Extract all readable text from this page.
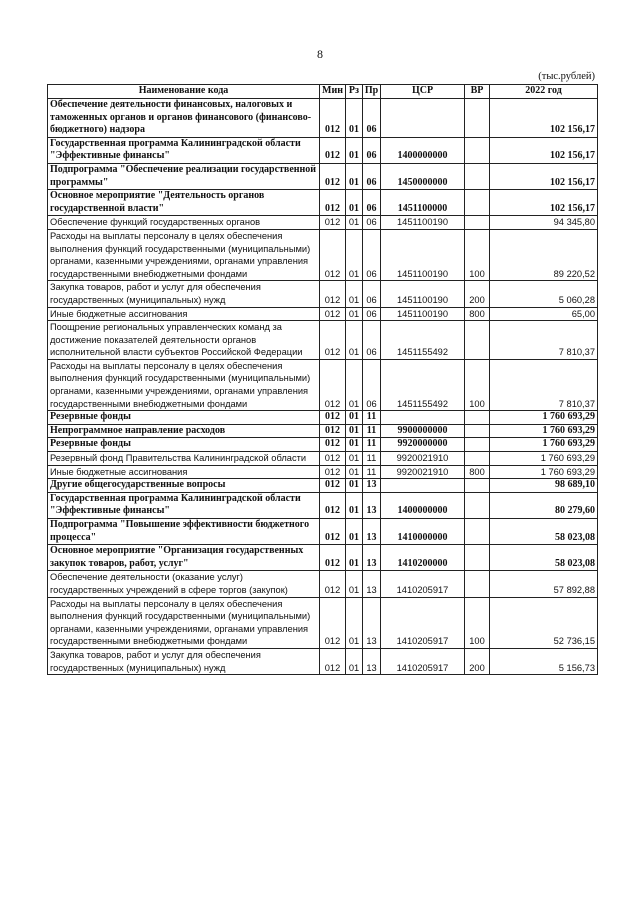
8
(тыс.рублей)
Наименование кода	Мин	Рз	Пр	ЦСР	ВР	2022 год
Обеспечение деятельности финансовых, налоговых и таможенных органов и органов финансового (финансово-бюджетного) надзора	012	01	06			102 156,17
Государственная программа Калининградской области "Эффективные финансы"	012	01	06	1400000000		102 156,17
Подпрограмма "Обеспечение реализации государственной программы"	012	01	06	1450000000		102 156,17
Основное мероприятие "Деятельность органов государственной власти"	012	01	06	1451100000		102 156,17
Обеспечение функций государственных органов	012	01	06	1451100190		94 345,80
Расходы на выплаты персоналу в целях обеспечения выполнения функций государственными (муниципальными) органами, казенными учреждениями, органами управления государственными внебюджетными фондами	012	01	06	1451100190	100	89 220,52
Закупка товаров, работ и услуг для обеспечения государственных (муниципальных) нужд	012	01	06	1451100190	200	5 060,28
Иные бюджетные ассигнования	012	01	06	1451100190	800	65,00
Поощрение региональных управленческих команд за достижение показателей деятельности органов исполнительной власти субъектов Российской Федерации	012	01	06	1451155492		7 810,37
Расходы на выплаты персоналу в целях обеспечения выполнения функций государственными (муниципальными) органами, казенными учреждениями, органами управления государственными внебюджетными фондами	012	01	06	1451155492	100	7 810,37
Резервные фонды	012	01	11			1 760 693,29
Непрограммное направление расходов	012	01	11	9900000000		1 760 693,29
Резервные фонды	012	01	11	9920000000		1 760 693,29
Резервный фонд Правительства Калининградской области	012	01	11	9920021910		1 760 693,29
Иные бюджетные ассигнования	012	01	11	9920021910	800	1 760 693,29
Другие общегосударственные вопросы	012	01	13			98 689,10
Государственная программа Калининградской области "Эффективные финансы"	012	01	13	1400000000		80 279,60
Подпрограмма "Повышение эффективности бюджетного процесса"	012	01	13	1410000000		58 023,08
Основное мероприятие "Организация государственных закупок товаров, работ, услуг"	012	01	13	1410200000		58 023,08
Обеспечение деятельности (оказание услуг) государственных учреждений в сфере торгов (закупок)	012	01	13	1410205917		57 892,88
Расходы на выплаты персоналу в целях обеспечения выполнения функций государственными (муниципальными) органами, казенными учреждениями, органами управления государственными внебюджетными фондами	012	01	13	1410205917	100	52 736,15
Закупка товаров, работ и услуг для обеспечения государственных (муниципальных) нужд	012	01	13	1410205917	200	5 156,73
